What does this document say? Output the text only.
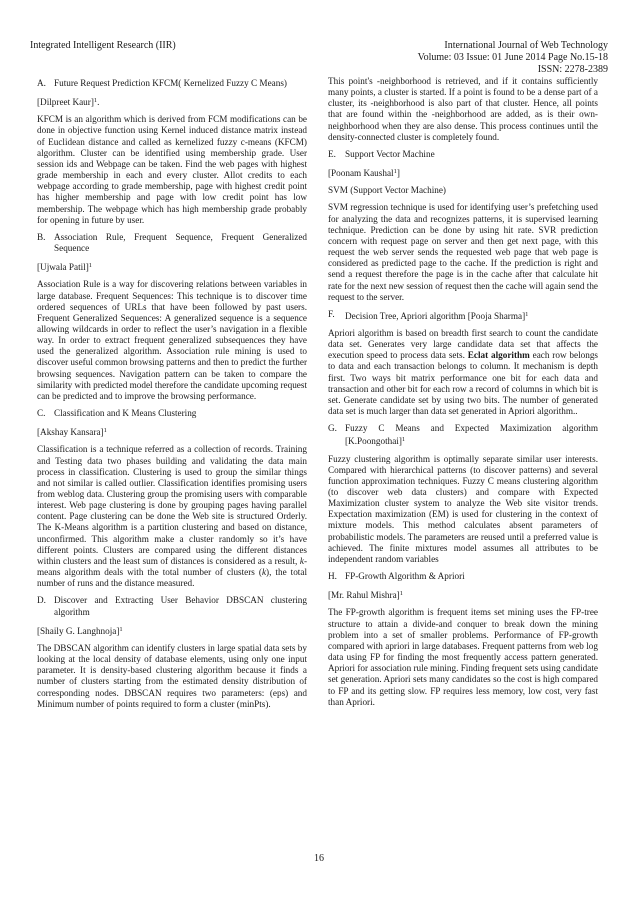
Integrated Intelligent Research (IIR)	International Journal of Web Technology
Volume: 03 Issue: 01 June 2014 Page No.15-18
ISSN: 2278-2389
A. Future Request Prediction KFCM( Kernelized Fuzzy C Means)

[Dilpreet Kaur]$^1$.

KFCM is an algorithm which is derived from FCM modifications can be done in objective function using Kernel induced distance matrix instead of Euclidean distance and called as kernelized fuzzy c-means (KFCM) algorithm. Cluster can be identified using membership grade. User session ids and Webpage can be taken. Find the web pages with highest grade membership in each and every cluster. Allot credits to each webpage according to grade membership, page with highest credit point has higher membership and page with low credit point has low membership. The webpage which has high membership grade probably for opening in future by user.

B. Association Rule, Frequent Sequence, Frequent Generalized Sequence

[Ujwala Patil]$^1$

Association Rule is a way for discovering relations between variables in large database. Frequent Sequences: This technique is to discover time ordered sequences of URLs that have been followed by past users. Frequent Generalized Sequences: A generalized sequence is a sequence allowing wildcards in order to reflect the user’s navigation in a flexible way. In order to extract frequent generalized subsequences they have used the generalized algorithm. Association rule mining is used to discover useful common browsing patterns and then to predict the further browsing sequences. Navigation pattern can be taken to compare the similarity with predicted model therefore the candidate upcoming request can be predicted and to improve the browsing performance.

C. Classification and K Means Clustering

[Akshay Kansara]$^1$

Classification is a technique referred as a collection of records. Training and Testing data two phases building and validating the data main process in classification. Clustering is used to group the similar things and not similar is called outlier. Classification identifies promising users from weblog data. Clustering group the promising users with comparable interest. Web page clustering is done by grouping pages having parallel content. Page clustering can be done the Web site is structured Orderly. The K-Means algorithm is a partition clustering and based on distance, unconfirmed. This algorithm make a cluster randomly so it’s have different points. Clusters are compared using the different distances within clusters and the least sum of distances is considered as a result, k-means algorithm deals with the total number of clusters (k), the total number of runs and the distance measured.

D. Discover and Extracting User Behavior DBSCAN clustering algorithm

[Shaily G. Langhnoja]$^1$

The DBSCAN algorithm can identify clusters in large spatial data sets by looking at the local density of database elements, using only one input parameter. It is density-based clustering algorithm because it finds a number of clusters starting from the estimated density distribution of corresponding nodes. DBSCAN requires two parameters: (eps) and Minimum number of points required to form a cluster (minPts).

This point's -neighborhood is retrieved, and if it contains sufficiently many points, a cluster is started. If a point is found to be a dense part of a cluster, its -neighborhood is also part of that cluster. Hence, all points that are found within the -neighborhood are added, as is their own-neighborhood when they are also dense. This process continues until the density-connected cluster is completely found.

E. Support Vector Machine

[Poonam Kaushal$^1$]

SVM (Support Vector Machine)

SVM regression technique is used for identifying user’s prefetching used for analyzing the data and recognizes patterns, it is supervised learning technique. Prediction can be done by using hit rate. SVR prediction concern with request page on server and then get next page, with this request the web server sends the requested web page that web page is considered as predicted page to the cache. If the prediction is right and send a request therefore the page is in the cache after that calculate hit rate for the next new session of request then the cache will again send the request to the server.

F.	Decision Tree, Apriori algorithm [Pooja Sharma]$^1$

Apriori algorithm is based on breadth first search to count the candidate data set. Generates very large candidate data set that affects the execution speed to process data sets. Eclat algorithm each row belongs to data and each transaction belongs to column. It mechanism is depth first. Two ways bit matrix performance one bit for each data and transaction and other bit for each row a record of columns in which bit is set. Generate candidate set by using two bits. The number of generated data set is much larger than data set generated in Apriori algorithm..

G. Fuzzy C Means and Expected Maximization algorithm [K.Poongothai]$^1$

Fuzzy clustering algorithm is optimally separate similar user interests. Compared with hierarchical patterns (to discover patterns) and several function approximation techniques. Fuzzy C means clustering algorithm (to discover web data clusters) and compare with Expected Maximization cluster system to analyze the Web site visitor trends. Expectation maximization (EM) is used for clustering in the context of mixture models. This method calculates absent parameters of probabilistic models. The parameters are reused until a preferred value is achieved. The finite mixtures model assumes all attributes to be independent random variables

H. FP-Growth Algorithm & Apriori

[Mr. Rahul Mishra]$^1$

The FP-growth algorithm is frequent items set mining uses the FP-tree structure to attain a divide-and conquer to break down the mining problem into a set of smaller problems. Performance of FP-growth compared with apriori in large databases. Frequent patterns from web log data using FP for finding the most frequently access pattern generated. Apriori for association rule mining. Finding frequent sets using candidate set generation. Apriori sets many candidates so the cost is high compared to FP and its getting slow. FP requires less memory, low cost, very fast than Apriori.

16
